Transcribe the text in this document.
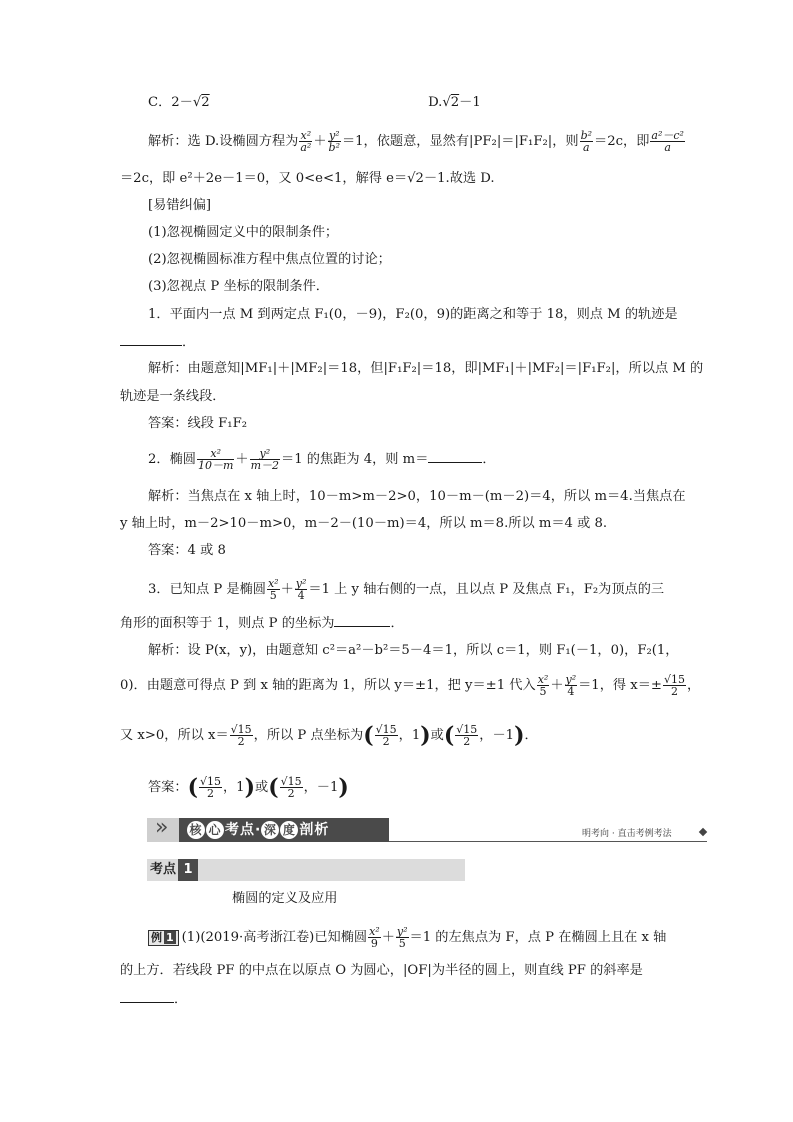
C．2－√2	D.√2－1
解析：选 D.设椭圆方程为 $\frac{\text{x²}}{\text{a²}} + \frac{\text{y²}}{\text{b²}} =1$，依题意，显然有|PF₂|＝|F₁F₂|，则 $\frac{\text{b²}}{a} =2c$，即 $\frac{\text{a²－c²}}{a}$
＝2c，即 e²＋2e－1＝0，又 0<e<1，解得 e＝√2－1.故选 D.
[易错纠偏]
(1)忽视椭圆定义中的限制条件；
(2)忽视椭圆标准方程中焦点位置的讨论；
(3)忽视点 P 坐标的限制条件．
1．平面内一点 M 到两定点 F₁(0，－9)，F₂(0，9)的距离之和等于 18，则点 M 的轨迹是
．
解析：由题意知|MF₁|＋|MF₂|＝18，但|F₁F₂|＝18，即|MF₁|＋|MF₂|＝|F₁F₂|，所以点 M 的
轨迹是一条线段．
答案：线段 F₁F₂
2．椭圆 $\frac{\text{x²}}{10-m} + \frac{\text{y²}}{m-2} =1$ 的焦距为 4，则 m＝	．
解析：当焦点在 x 轴上时，10－m>m－2>0，10－m－(m－2)＝4，所以 m＝4.当焦点在
y 轴上时，m－2>10－m>0，m－2－(10－m)＝4，所以 m＝8.所以 m＝4 或 8.
答案：4 或 8
3．已知点 P 是椭圆 $\frac{\text{x²}}{5} + \frac{\text{y²}}{4} =1$ 上 y 轴右侧的一点，且以点 P 及焦点 F₁，F₂为顶点的三
角形的面积等于 1，则点 P 的坐标为	．
解析：设 P(x，y)，由题意知 c²＝a²－b²＝5－4＝1，所以 c＝1，则 F₁(－1，0)，F₂(1，
0)．由题意可得点 P 到 x 轴的距离为 1，所以 y＝±1，把 y＝±1 代入 $\frac{\text{x²}}{5} + \frac{\text{y²}}{4} =1$，得 $x=\pm \frac{√15}{2}$ ，
又 x>0，所以 $x= \frac{√15}{2}$ ，所以 P 点坐标为( $\frac{√15}{2}$ ，1)或( $\frac{√15}{2}$ ，－1)．
答案：( $\frac{√15}{2}$ ，1)或( $\frac{√15}{2}$ ，－1)
»
核 心 考点· 深 度 剖析	明考向 · 直击考例考法
考点 1
椭圆的定义及应用
例 1 (1)(2019·高考浙江卷)已知椭圆 $\frac{\text{x²}}{9} + \frac{\text{y²}}{5} =1$ 的左焦点为 F，点 P 在椭圆上且在 x 轴
的上方．若线段 PF 的中点在以原点 O 为圆心，|OF|为半径的圆上，则直线 PF 的斜率是
．
